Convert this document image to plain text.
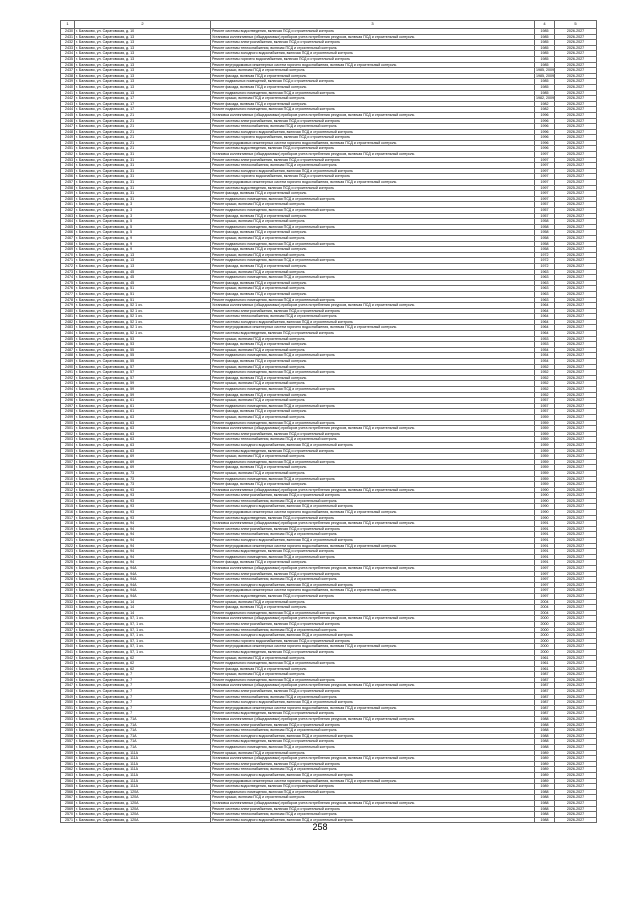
1	2	3	4	5
2430	г. Балаково, ул. Саратовская, д. 10	Ремонт системы водоотведения, включая ПСД и строительный контроль	1985	2026-2027
2431	г. Балаково, ул. Саратовская, д. 13	Установка коллективных (общедомовых) приборов учета потребления ресурсов, включая ПСД и строительный контроль	1985	2026-2027
2432	г. Балаково, ул. Саратовская, д. 13	Ремонт системы электроснабжения, включая ПСД и строительный контроль	1985	2026-2027
2433	г. Балаково, ул. Саратовская, д. 13	Ремонт системы теплоснабжения, включая ПСД и строительный контроль	1985	2026-2027
2434	г. Балаково, ул. Саратовская, д. 13	Ремонт системы холодного водоснабжения, включая ПСД и строительный контроль	1985	2026-2027
2435	г. Балаково, ул. Саратовская, д. 13	Ремонт системы горячего водоснабжения, включая ПСД и строительный контроль	1985	2026-2027
2436	г. Балаково, ул. Саратовская, д. 13	Ремонт внутридомовых инженерных систем горячего водоснабжения, включая ПСД и строительный контроль	1985	2026-2027
2437	г. Балаково, ул. Саратовская, д. 13	Ремонт крыши, включая ПСД и строительный контроль	1985, 2009	2026-2027
2438	г. Балаково, ул. Саратовская, д. 13	Ремонт фасада, включая ПСД и строительный контроль	1985, 2009	2026-2027
2439	г. Балаково, ул. Саратовская, д. 13	Ремонт подвальных помещений, включая ПСД и строительный контроль	1985	2026-2027
2440	г. Балаково, ул. Саратовская, д. 13	Ремонт фасада, включая ПСД и строительный контроль	1985	2026-2027
2441	г. Балаково, ул. Саратовская, д. 13	Ремонт подвального помещения, включая ПСД и строительный контроль	1985	2026-2027
2442	г. Балаково, ул. Саратовская, д. 17	Ремонт крыши, включая ПСД и строительный контроль	1982, 2009	2026-2027
2443	г. Балаково, ул. Саратовская, д. 17	Ремонт фасада, включая ПСД и строительный контроль	1982	2026-2027
2444	г. Балаково, ул. Саратовская, д. 17	Ремонт подвального помещения, включая ПСД и строительный контроль	1982	2026-2027
2445	г. Балаково, ул. Саратовская, д. 21	Установка коллективных (общедомовых) приборов учета потребления ресурсов, включая ПСД и строительный контроль	1996	2026-2027
2446	г. Балаково, ул. Саратовская, д. 21	Ремонт системы электроснабжения, включая ПСД и строительный контроль	1996	2026-2027
2447	г. Балаково, ул. Саратовская, д. 21	Ремонт системы теплоснабжения, включая ПСД и строительный контроль	1996	2026-2027
2448	г. Балаково, ул. Саратовская, д. 21	Ремонт системы холодного водоснабжения, включая ПСД и строительный контроль	1996	2026-2027
2449	г. Балаково, ул. Саратовская, д. 21	Ремонт системы горячего водоснабжения, включая ПСД и строительный контроль	1996	2026-2027
2450	г. Балаково, ул. Саратовская, д. 21	Ремонт внутридомовых инженерных систем горячего водоснабжения, включая ПСД и строительный контроль	1996	2026-2027
2451	г. Балаково, ул. Саратовская, д. 21	Ремонт системы водоотведения, включая ПСД и строительный контроль	1996	2026-2027
2452	г. Балаково, ул. Саратовская, д. 31	Установка коллективных (общедомовых) приборов учета потребления ресурсов, включая ПСД и строительный контроль	1997	2025-2027
2453	г. Балаково, ул. Саратовская, д. 31	Ремонт системы электроснабжения, включая ПСД и строительный контроль	1997	2025-2027
2454	г. Балаково, ул. Саратовская, д. 31	Ремонт системы теплоснабжения, включая ПСД и строительный контроль	1997	2025-2027
2455	г. Балаково, ул. Саратовская, д. 31	Ремонт системы холодного водоснабжения, включая ПСД и строительный контроль	1997	2025-2027
2456	г. Балаково, ул. Саратовская, д. 31	Ремонт системы горячего водоснабжения, включая ПСД и строительный контроль	1997	2025-2027
2457	г. Балаково, ул. Саратовская, д. 31	Ремонт внутридомовых инженерных систем горячего водоснабжения, включая ПСД и строительный контроль	1997	2025-2027
2458	г. Балаково, ул. Саратовская, д. 31	Ремонт системы водоотведения, включая ПСД и строительный контроль	1997	2025-2027
2459	г. Балаково, ул. Саратовская, д. 31	Ремонт фасада, включая ПСД и строительный контроль	1997	2025-2027
2460	г. Балаково, ул. Саратовская, д. 31	Ремонт подвального помещения, включая ПСД и строительный контроль	1997	2025-2027
2461	г. Балаково, ул. Саратовская, д. 3	Ремонт крыши, включая ПСД и строительный контроль	1957	2026-2027
2462	г. Балаково, ул. Саратовская, д. 3	Ремонт подвального помещения, включая ПСД и строительный контроль	1957	2026-2027
2463	г. Балаково, ул. Саратовская, д. 3	Ремонт фасада, включая ПСД и строительный контроль	1957	2026-2027
2464	г. Балаково, ул. Саратовская, д. 5	Ремонт крыши, включая ПСД и строительный контроль	1958	2026-2027
2465	г. Балаково, ул. Саратовская, д. 5	Ремонт подвального помещения, включая ПСД и строительный контроль	1958	2026-2027
2466	г. Балаково, ул. Саратовская, д. 5	Ремонт фасада, включая ПСД и строительный контроль	1958	2026-2027
2467	г. Балаково, ул. Саратовская, д. 9	Ремонт крыши, включая ПСД и строительный контроль	1958	2026-2027
2468	г. Балаково, ул. Саратовская, д. 9	Ремонт подвального помещения, включая ПСД и строительный контроль	1958	2026-2027
2469	г. Балаково, ул. Саратовская, д. 9	Ремонт фасада, включая ПСД и строительный контроль	1958	2026-2027
2470	г. Балаково, ул. Саратовская, д. 13	Ремонт крыши, включая ПСД и строительный контроль	1972	2026-2027
2471	г. Балаково, ул. Саратовская, д. 13	Ремонт подвального помещения, включая ПСД и строительный контроль	1972	2026-2027
2472	г. Балаково, ул. Саратовская, д. 13	Ремонт фасада, включая ПСД и строительный контроль	1972	2026-2027
2473	г. Балаково, ул. Саратовская, д. 45	Ремонт крыши, включая ПСД и строительный контроль	1963	2026-2027
2474	г. Балаково, ул. Саратовская, д. 45	Ремонт подвального помещения, включая ПСД и строительный контроль	1963	2026-2027
2475	г. Балаково, ул. Саратовская, д. 45	Ремонт фасада, включая ПСД и строительный контроль	1963	2026-2027
2476	г. Балаково, ул. Саратовская, д. 51	Ремонт крыши, включая ПСД и строительный контроль	1963	2026-2027
2477	г. Балаково, ул. Саратовская, д. 51	Ремонт фасада, включая ПСД и строительный контроль	1963	2026-2027
2478	г. Балаково, ул. Саратовская, д. 51	Ремонт подвального помещения, включая ПСД и строительный контроль	1963	2026-2027
2479	г. Балаково, ул. Саратовская, д. 52 1 оч.	Установка коллективных (общедомовых) приборов учета потребления ресурсов, включая ПСД и строительный контроль	1964	2026-2027
2480	г. Балаково, ул. Саратовская, д. 52 1 оч.	Ремонт системы электроснабжения, включая ПСД и строительный контроль	1964	2026-2027
2481	г. Балаково, ул. Саратовская, д. 52 1 оч.	Ремонт системы теплоснабжения, включая ПСД и строительный контроль	1964	2026-2027
2482	г. Балаково, ул. Саратовская, д. 52 1 оч.	Ремонт системы холодного водоснабжения, включая ПСД и строительный контроль	1964	2026-2027
2483	г. Балаково, ул. Саратовская, д. 52 1 оч.	Ремонт внутридомовых инженерных систем горячего водоснабжения, включая ПСД и строительный контроль	1964	2026-2027
2484	г. Балаково, ул. Саратовская, д. 52 1 оч.	Ремонт системы водоотведения, включая ПСД и строительный контроль	1964	2026-2027
2485	г. Балаково, ул. Саратовская, д. 53	Ремонт крыши, включая ПСД и строительный контроль	1953	2026-2027
2486	г. Балаково, ул. Саратовская, д. 53	Ремонт фасада, включая ПСД и строительный контроль	1953	2026-2027
2487	г. Балаково, ул. Саратовская, д. 55	Ремонт крыши, включая ПСД и строительный контроль	1954	2026-2027
2488	г. Балаково, ул. Саратовская, д. 55	Ремонт подвального помещения, включая ПСД и строительный контроль	1954	2026-2027
2489	г. Балаково, ул. Саратовская, д. 55	Ремонт фасада, включая ПСД и строительный контроль	1954	2026-2027
2490	г. Балаково, ул. Саратовская, д. 57	Ремонт крыши, включая ПСД и строительный контроль	1952	2026-2027
2491	г. Балаково, ул. Саратовская, д. 57	Ремонт подвального помещения, включая ПСД и строительный контроль	1952	2026-2027
2492	г. Балаково, ул. Саратовская, д. 57	Ремонт фасада, включая ПСД и строительный контроль	1952	2026-2027
2493	г. Балаково, ул. Саратовская, д. 59	Ремонт крыши, включая ПСД и строительный контроль	1952	2026-2027
2494	г. Балаково, ул. Саратовская, д. 59	Ремонт подвального помещения, включая ПСД и строительный контроль	1952	2026-2027
2495	г. Балаково, ул. Саратовская, д. 59	Ремонт фасада, включая ПСД и строительный контроль	1952	2026-2027
2496	г. Балаково, ул. Саратовская, д. 61	Ремонт крыши, включая ПСД и строительный контроль	1957	2026-2027
2497	г. Балаково, ул. Саратовская, д. 61	Ремонт подвального помещения, включая ПСД и строительный контроль	1957	2026-2027
2498	г. Балаково, ул. Саратовская, д. 61	Ремонт фасада, включая ПСД и строительный контроль	1957	2026-2027
2499	г. Балаково, ул. Саратовская, д. 63	Ремонт крыши, включая ПСД и строительный контроль	1959	2026-2027
2500	г. Балаково, ул. Саратовская, д. 63	Ремонт подвального помещения, включая ПСД и строительный контроль	1959	2026-2027
2501	г. Балаково, ул. Саратовская, д. 63	Установка коллективных (общедомовых) приборов учета потребления ресурсов, включая ПСД и строительный контроль	1959	2026-2027
2502	г. Балаково, ул. Саратовская, д. 63	Ремонт системы электроснабжения, включая ПСД и строительный контроль	1959	2026-2027
2503	г. Балаково, ул. Саратовская, д. 63	Ремонт системы теплоснабжения, включая ПСД и строительный контроль	1959	2026-2027
2504	г. Балаково, ул. Саратовская, д. 63	Ремонт системы холодного водоснабжения, включая ПСД и строительный контроль	1959	2026-2027
2505	г. Балаково, ул. Саратовская, д. 63	Ремонт системы водоотведения, включая ПСД и строительный контроль	1959	2026-2027
2506	г. Балаково, ул. Саратовская, д. 69	Ремонт крыши, включая ПСД и строительный контроль	1959	2026-2027
2507	г. Балаково, ул. Саратовская, д. 69	Ремонт подвального помещения, включая ПСД и строительный контроль	1959	2026-2027
2508	г. Балаково, ул. Саратовская, д. 69	Ремонт фасада, включая ПСД и строительный контроль	1959	2026-2027
2509	г. Балаково, ул. Саратовская, д. 73	Ремонт крыши, включая ПСД и строительный контроль	1959	2026-2027
2510	г. Балаково, ул. Саратовская, д. 73	Ремонт подвального помещения, включая ПСД и строительный контроль	1959	2026-2027
2511	г. Балаково, ул. Саратовская, д. 73	Ремонт фасада, включая ПСД и строительный контроль	1959	2026-2027
2512	г. Балаково, ул. Саратовская, д. 93	Установка коллективных (общедомовых) приборов учета потребления ресурсов, включая ПСД и строительный контроль	1990	2025-2027
2513	г. Балаково, ул. Саратовская, д. 93	Ремонт системы электроснабжения, включая ПСД и строительный контроль	1990	2025-2027
2514	г. Балаково, ул. Саратовская, д. 93	Ремонт системы теплоснабжения, включая ПСД и строительный контроль	1990	2025-2027
2515	г. Балаково, ул. Саратовская, д. 93	Ремонт системы холодного водоснабжения, включая ПСД и строительный контроль	1990	2025-2027
2516	г. Балаково, ул. Саратовская, д. 93	Ремонт внутридомовых инженерных систем горячего водоснабжения, включая ПСД и строительный контроль	1990	2025-2027
2517	г. Балаково, ул. Саратовская, д. 93	Ремонт системы водоотведения, включая ПСД и строительный контроль	1990	2025-2027
2518	г. Балаково, ул. Саратовская, д. 94	Установка коллективных (общедомовых) приборов учета потребления ресурсов, включая ПСД и строительный контроль	1991	2025-2027
2519	г. Балаково, ул. Саратовская, д. 94	Ремонт системы электроснабжения, включая ПСД и строительный контроль	1991	2025-2027
2520	г. Балаково, ул. Саратовская, д. 94	Ремонт системы теплоснабжения, включая ПСД и строительный контроль	1991	2025-2027
2521	г. Балаково, ул. Саратовская, д. 94	Ремонт системы холодного водоснабжения, включая ПСД и строительный контроль	1991	2025-2027
2522	г. Балаково, ул. Саратовская, д. 94	Ремонт внутридомовых инженерных систем горячего водоснабжения, включая ПСД и строительный контроль	1991	2025-2027
2523	г. Балаково, ул. Саратовская, д. 94	Ремонт системы водоотведения, включая ПСД и строительный контроль	1991	2025-2027
2524	г. Балаково, ул. Саратовская, д. 94	Ремонт подвального помещения, включая ПСД и строительный контроль	1991	2025-2027
2525	г. Балаково, ул. Саратовская, д. 94	Ремонт фасада, включая ПСД и строительный контроль	1991	2025-2027
2526	г. Балаково, ул. Саратовская, д. 94А	Установка коллективных (общедомовых) приборов учета потребления ресурсов, включая ПСД и строительный контроль	1997	2025-2027
2527	г. Балаково, ул. Саратовская, д. 94А	Ремонт системы электроснабжения, включая ПСД и строительный контроль	1997	2025-2027
2528	г. Балаково, ул. Саратовская, д. 94А	Ремонт системы теплоснабжения, включая ПСД и строительный контроль	1997	2025-2027
2529	г. Балаково, ул. Саратовская, д. 94А	Ремонт системы холодного водоснабжения, включая ПСД и строительный контроль	1997	2025-2027
2530	г. Балаково, ул. Саратовская, д. 94А	Ремонт внутридомовых инженерных систем горячего водоснабжения, включая ПСД и строительный контроль	1997	2025-2027
2531	г. Балаково, ул. Саратовская, д. 94А	Ремонт системы водоотведения, включая ПСД и строительный контроль	1997	2025-2027
2532	г. Балаково, ул. Саратовская, д. 14	Ремонт крыши, включая ПСД и строительный контроль	2004	2025-2027
2533	г. Балаково, ул. Саратовская, д. 14	Ремонт фасада, включая ПСД и строительный контроль	2004	2025-2027
2534	г. Балаково, ул. Саратовская, д. 14	Ремонт подвального помещения, включая ПСД и строительный контроль	2004	2025-2027
2535	г. Балаково, ул. Саратовская, д. 57, 1 оч.	Установка коллективных (общедомовых) приборов учета потребления ресурсов, включая ПСД и строительный контроль	2000	2025-2027
2536	г. Балаково, ул. Саратовская, д. 57, 1 оч.	Ремонт системы электроснабжения, включая ПСД и строительный контроль	2000	2025-2027
2537	г. Балаково, ул. Саратовская, д. 57, 1 оч.	Ремонт системы теплоснабжения, включая ПСД и строительный контроль	2000	2025-2027
2538	г. Балаково, ул. Саратовская, д. 57, 1 оч.	Ремонт системы холодного водоснабжения, включая ПСД и строительный контроль	2000	2025-2027
2539	г. Балаково, ул. Саратовская, д. 57, 1 оч.	Ремонт системы горячего водоснабжения, включая ПСД и строительный контроль	2000	2025-2027
2540	г. Балаково, ул. Саратовская, д. 57, 1 оч.	Ремонт внутридомовых инженерных систем горячего водоснабжения, включая ПСД и строительный контроль	2000	2025-2027
2541	г. Балаково, ул. Саратовская, д. 57, 1 оч.	Ремонт системы водоотведения, включая ПСД и строительный контроль	2000	2025-2027
2542	г. Балаково, ул. Саратовская, д. 62	Ремонт крыши, включая ПСД и строительный контроль	1961	2025-2027
2543	г. Балаково, ул. Саратовская, д. 62	Ремонт подвального помещения, включая ПСД и строительный контроль	1961	2025-2027
2544	г. Балаково, ул. Саратовская, д. 62	Ремонт фасада, включая ПСД и строительный контроль	1961	2025-2027
2545	г. Балаково, ул. Саратовская, д. 7	Ремонт крыши, включая ПСД и строительный контроль	1987	2026-2027
2546	г. Балаково, ул. Саратовская, д. 7	Ремонт подвального помещения, включая ПСД и строительный контроль	1987	2026-2027
2547	г. Балаково, ул. Саратовская, д. 7	Установка коллективных (общедомовых) приборов учета потребления ресурсов, включая ПСД и строительный контроль	1987	2026-2027
2548	г. Балаково, ул. Саратовская, д. 7	Ремонт системы электроснабжения, включая ПСД и строительный контроль	1987	2026-2027
2549	г. Балаково, ул. Саратовская, д. 7	Ремонт системы теплоснабжения, включая ПСД и строительный контроль	1987	2026-2027
2550	г. Балаково, ул. Саратовская, д. 7	Ремонт системы холодного водоснабжения, включая ПСД и строительный контроль	1987	2026-2027
2551	г. Балаково, ул. Саратовская, д. 7	Ремонт внутридомовых инженерных систем горячего водоснабжения, включая ПСД и строительный контроль	1987	2026-2027
2552	г. Балаково, ул. Саратовская, д. 7	Ремонт системы водоотведения, включая ПСД и строительный контроль	1987	2026-2027
2553	г. Балаково, ул. Саратовская, д. 71А	Установка коллективных (общедомовых) приборов учета потребления ресурсов, включая ПСД и строительный контроль	1988	2026-2027
2554	г. Балаково, ул. Саратовская, д. 71А	Ремонт системы электроснабжения, включая ПСД и строительный контроль	1988	2026-2027
2555	г. Балаково, ул. Саратовская, д. 71А	Ремонт системы теплоснабжения, включая ПСД и строительный контроль	1988	2026-2027
2556	г. Балаково, ул. Саратовская, д. 71А	Ремонт системы холодного водоснабжения, включая ПСД и строительный контроль	1988	2026-2027
2557	г. Балаково, ул. Саратовская, д. 71А	Ремонт системы водоотведения, включая ПСД и строительный контроль	1988	2026-2027
2558	г. Балаково, ул. Саратовская, д. 71А	Ремонт подвального помещения, включая ПСД и строительный контроль	1988	2026-2027
2559	г. Балаково, ул. Саратовская, д. 111А	Ремонт крыши, включая ПСД и строительный контроль	1989	2026-2027
2560	г. Балаково, ул. Саратовская, д. 111А	Установка коллективных (общедомовых) приборов учета потребления ресурсов, включая ПСД и строительный контроль	1989	2026-2027
2561	г. Балаково, ул. Саратовская, д. 111А	Ремонт системы электроснабжения, включая ПСД и строительный контроль	1989	2026-2027
2562	г. Балаково, ул. Саратовская, д. 111А	Ремонт системы теплоснабжения, включая ПСД и строительный контроль	1989	2026-2027
2563	г. Балаково, ул. Саратовская, д. 111А	Ремонт системы холодного водоснабжения, включая ПСД и строительный контроль	1989	2026-2027
2564	г. Балаково, ул. Саратовская, д. 111А	Ремонт внутридомовых инженерных систем горячего водоснабжения, включая ПСД и строительный контроль	1989	2026-2027
2565	г. Балаково, ул. Саратовская, д. 111А	Ремонт системы водоотведения, включая ПСД и строительный контроль	1989	2026-2027
2566	г. Балаково, ул. Саратовская, д. 120А	Ремонт подвального помещения, включая ПСД и строительный контроль	1988	2026-2027
2567	г. Балаково, ул. Саратовская, д. 120А	Ремонт крыши, включая ПСД и строительный контроль	1988	2026-2027
2568	г. Балаково, ул. Саратовская, д. 120А	Установка коллективных (общедомовых) приборов учета потребления ресурсов, включая ПСД и строительный контроль	1988	2026-2027
2569	г. Балаково, ул. Саратовская, д. 120А	Ремонт системы электроснабжения, включая ПСД и строительный контроль	1988	2026-2027
2570	г. Балаково, ул. Саратовская, д. 120А	Ремонт системы теплоснабжения, включая ПСД и строительный контроль	1988	2026-2027
2571	г. Балаково, ул. Саратовская, д. 120А	Ремонт системы холодного водоснабжения, включая ПСД и строительный контроль	1988	2026-2027
258
